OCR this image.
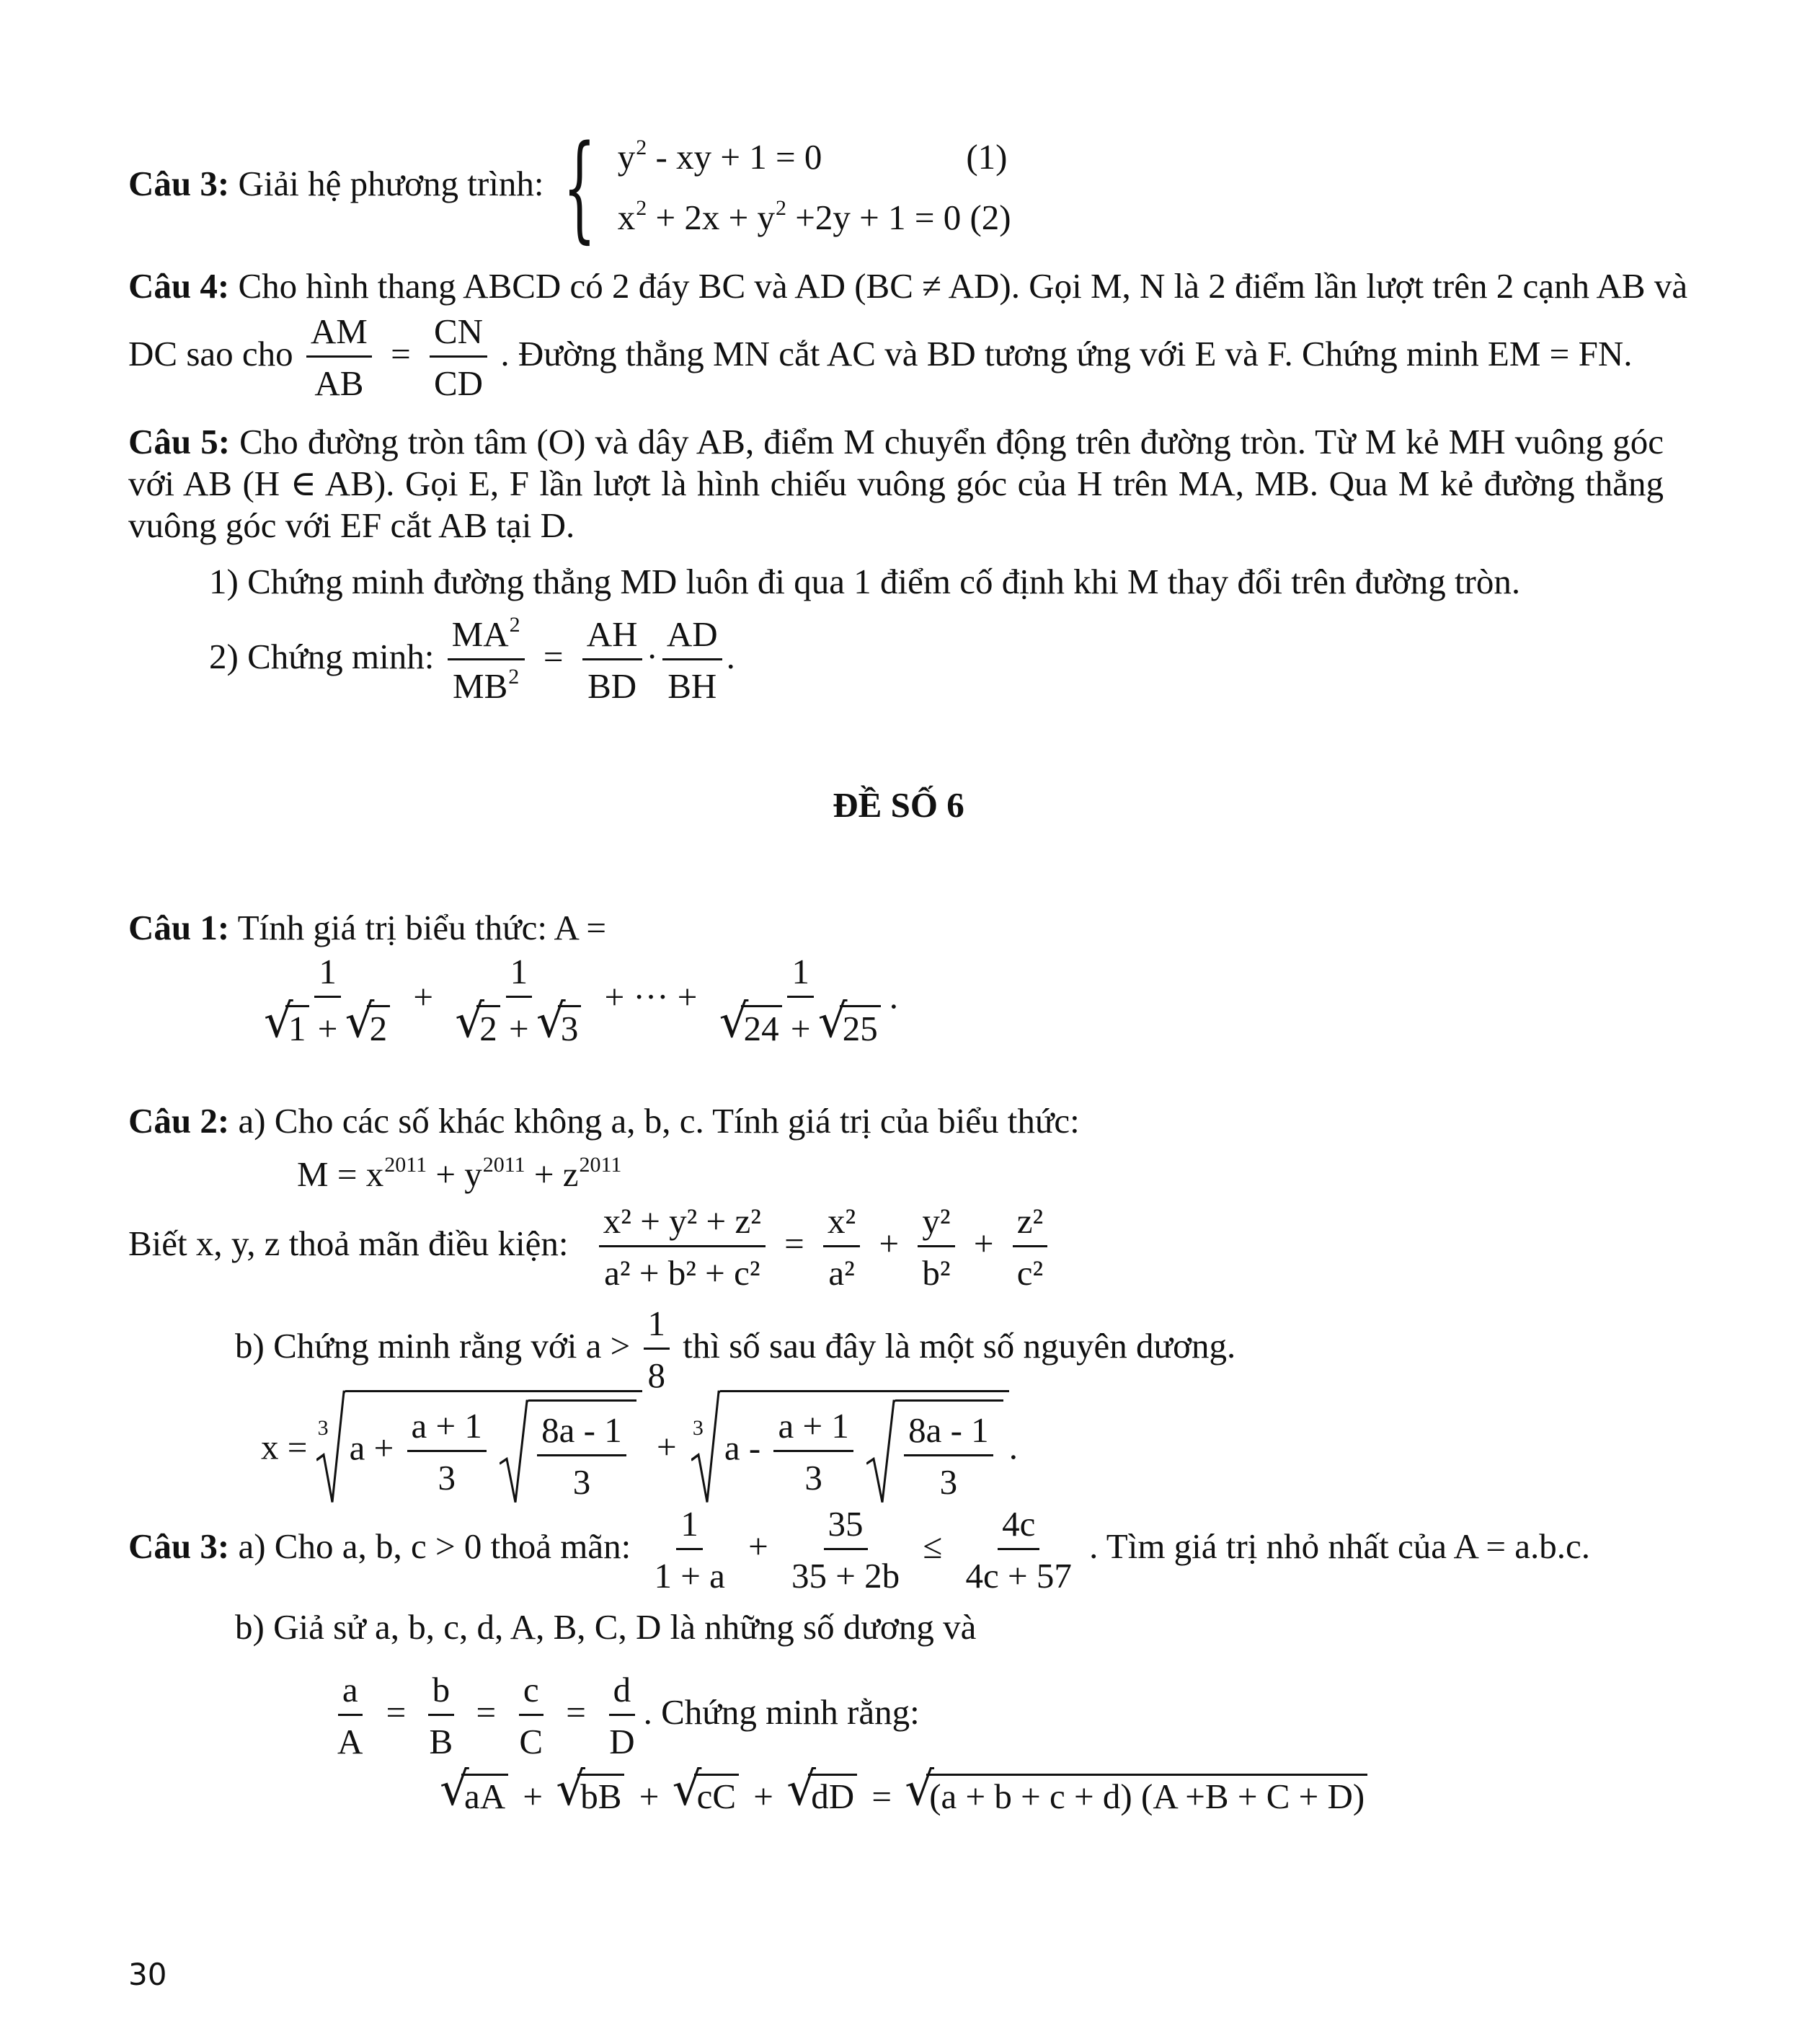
Câu 3: Giải hệ phương trình: { $y^2$ - xy + 1 = 0	(1)
$x^2 + 2x + y^2 +2y + 1 = 0$ (2)
Câu 4: Cho hình thang ABCD có 2 đáy BC và AD (BC ≠ AD). Gọi M, N là 2 điểm lần lượt trên 2 cạnh AB và
DC sao cho $\frac{AM}{AB} = \frac{CN}{CD}$ . Đường thẳng MN cắt AC và BD tương ứng với E và F. Chứng minh EM = FN.
Câu 5: Cho đường tròn tâm (O) và dây AB, điểm M chuyển động trên đường tròn. Từ M kẻ MH vuông góc với AB (H ∈ AB). Gọi E, F lần lượt là hình chiếu vuông góc của H trên MA, MB. Qua M kẻ đường thẳng vuông góc với EF cắt AB tại D.
1) Chứng minh đường thẳng MD luôn đi qua 1 điểm cố định khi M thay đổi trên đường tròn.
2) Chứng minh: $\frac{MA^2}{MB^2} = \frac{AH}{BD} \cdot \frac{AD}{BH}$ .
ĐỀ SỐ 6
Câu 1: Tính giá trị biểu thức: A =
1
√ 1 + √ 2 + 1
√ 2 + √ 3 + ··· + 1
√ 24 + √ 25 .
Câu 2: a) Cho các số khác không a, b, c. Tính giá trị của biểu thức:
$M = x^{2011} + y^{2011} + z^{2011}$
Biết x, y, z thoả mãn điều kiện: $\frac{\text{x² + y² + z²}}{\text{a² + b² + c²}} = \frac{\text{x²}}{\text{a²}} + \frac{\text{y²}}{\text{b²}} + \frac{\text{z²}}{\text{c²}}$
b) Chứng minh rằng với $a > \frac{1}{8}$ thì số sau đây là một số nguyên dương.
x = 3
$a + \frac{a + 1}{3}$
$\frac{8a - 1}{3} + 3$
a - $\frac{a + 1}{3}$
$\frac{8a - 1}{3}$ .
Câu 3: a) Cho a, b, c > 0 thoả mãn: $\frac{1}{1 + a} + \frac{35}{35 + 2b} \le \frac{4c}{4c + 57}$ . Tìm giá trị nhỏ nhất của A = a.b.c.
b) Giả sử a, b, c, d, A, B, C, D là những số dương và
$\frac{a}{A} = \frac{b}{B} = \frac{c}{C} = \frac{d}{D}$ . Chứng minh rằng:
√ aA + √ bB + √ cC + √ dD = √ (a + b + c + d) (A +B + C + D)
30
